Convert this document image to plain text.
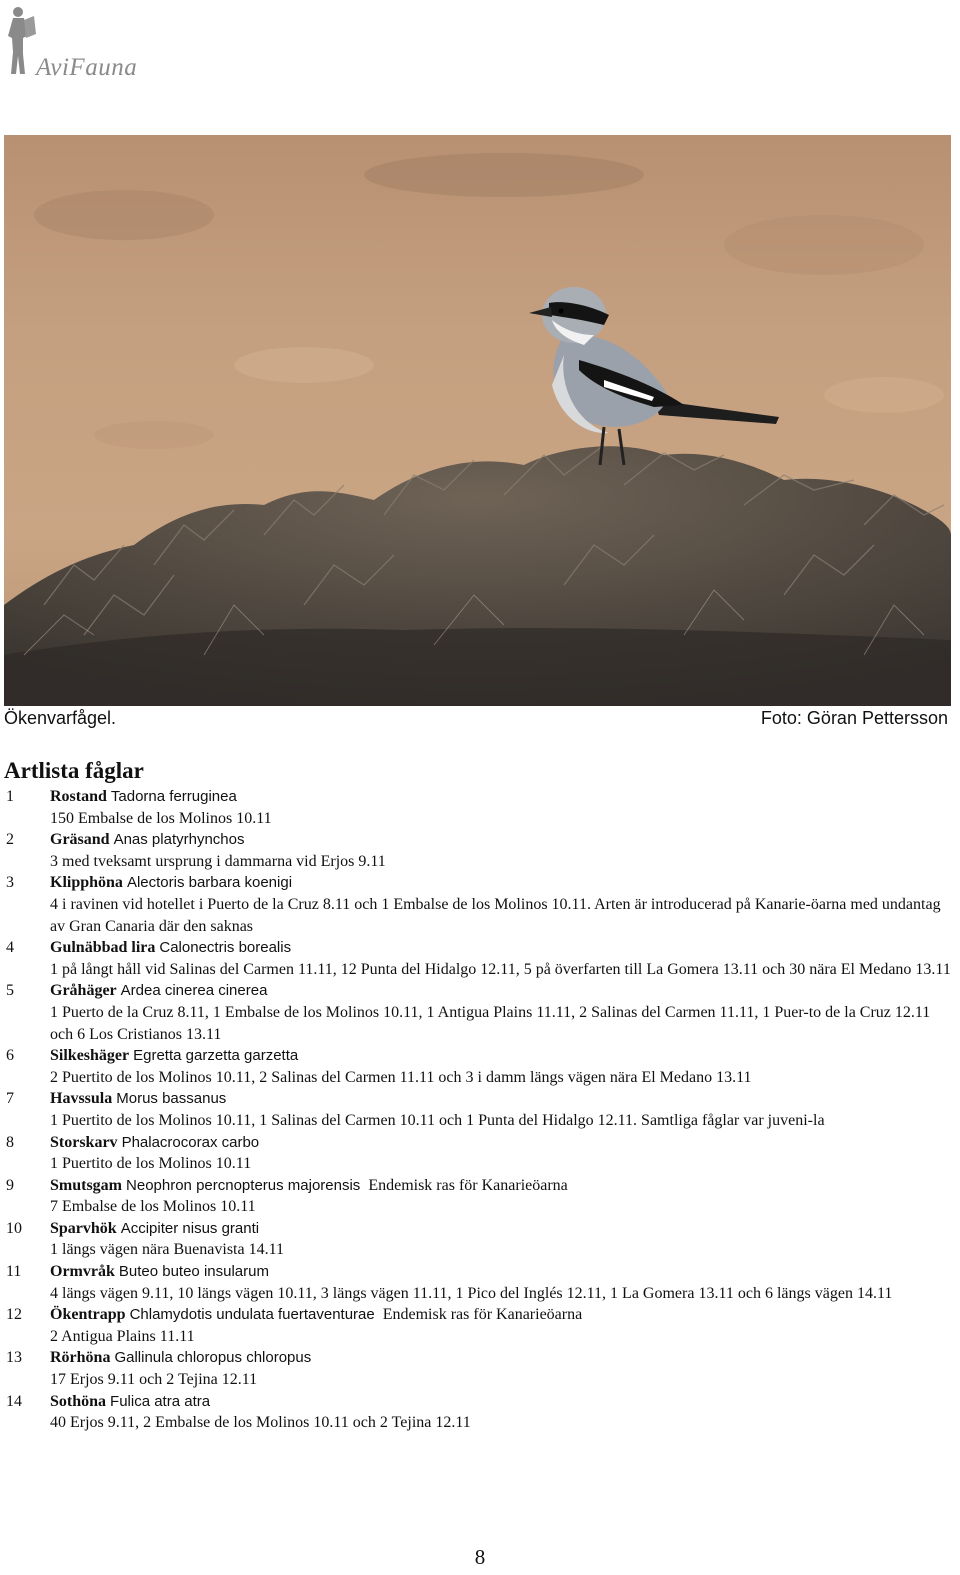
AviFauna
Ökenvarfågel.	Foto: Göran Pettersson
Artlista fåglar
1 Rostand Tadorna ferruginea
150 Embalse de los Molinos 10.11
2 Gräsand Anas platyrhynchos
3 med tveksamt ursprung i dammarna vid Erjos 9.11
3 Klipphöna Alectoris barbara koenigi
4 i ravinen vid hotellet i Puerto de la Cruz 8.11 och 1 Embalse de los Molinos 10.11. Arten är introducerad på Kanarie-öarna med undantag av Gran Canaria där den saknas
4 Gulnäbbad lira Calonectris borealis
1 på långt håll vid Salinas del Carmen 11.11, 12 Punta del Hidalgo 12.11, 5 på överfarten till La Gomera 13.11 och 30 nära El Medano 13.11
5 Gråhäger Ardea cinerea cinerea
1 Puerto de la Cruz 8.11, 1 Embalse de los Molinos 10.11, 1 Antigua Plains 11.11, 2 Salinas del Carmen 11.11, 1 Puer-to de la Cruz 12.11 och 6 Los Cristianos 13.11
6 Silkeshäger Egretta garzetta garzetta
2 Puertito de los Molinos 10.11, 2 Salinas del Carmen 11.11 och 3 i damm längs vägen nära El Medano 13.11
7 Havssula Morus bassanus
1 Puertito de los Molinos 10.11, 1 Salinas del Carmen 10.11 och 1 Punta del Hidalgo 12.11. Samtliga fåglar var juveni-la
8 Storskarv Phalacrocorax carbo
1 Puertito de los Molinos 10.11
9 Smutsgam Neophron percnopterus majorensis Endemisk ras för Kanarieöarna
7 Embalse de los Molinos 10.11
10 Sparvhök Accipiter nisus granti
1 längs vägen nära Buenavista 14.11
11 Ormvråk Buteo buteo insularum
4 längs vägen 9.11, 10 längs vägen 10.11, 3 längs vägen 11.11, 1 Pico del Inglés 12.11, 1 La Gomera 13.11 och 6 längs vägen 14.11
12 Ökentrapp Chlamydotis undulata fuertaventurae Endemisk ras för Kanarieöarna
2 Antigua Plains 11.11
13 Rörhöna Gallinula chloropus chloropus
17 Erjos 9.11 och 2 Tejina 12.11
14 Sothöna Fulica atra atra
40 Erjos 9.11, 2 Embalse de los Molinos 10.11 och 2 Tejina 12.11
8
